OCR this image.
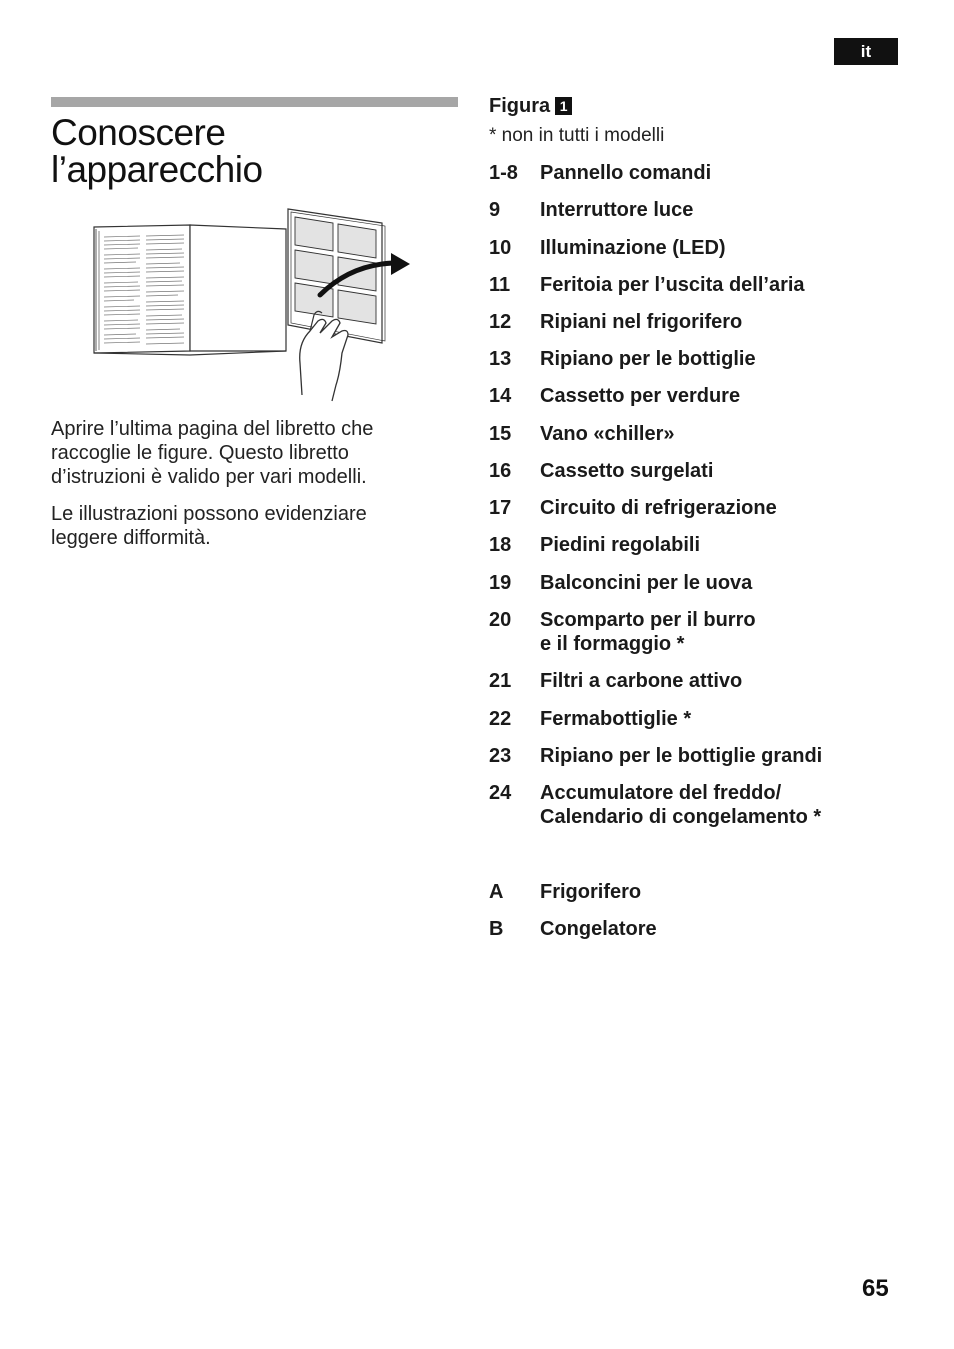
it
Conoscere
l’apparecchio

Aprire l’ultima pagina del libretto che raccoglie le figure. Questo libretto d’istruzioni è valido per vari modelli.

Le illustrazioni possono evidenziare leggere difformità.

Figura 1
* non in tutti i modelli
1-8	Pannello comandi
9	Interruttore luce
10	Illuminazione (LED)
11	Feritoia per l’uscita dell’aria
12	Ripiani nel frigorifero
13	Ripiano per le bottiglie
14	Cassetto per verdure
15	Vano «chiller»
16	Cassetto surgelati
17	Circuito di refrigerazione
18	Piedini regolabili
19	Balconcini per le uova
20	Scomparto per il burro
e il formaggio *
21	Filtri a carbone attivo
22	Fermabottiglie *
23	Ripiano per le bottiglie grandi
24	Accumulatore del freddo/
Calendario di congelamento *
A	Frigorifero
B	Congelatore
65
